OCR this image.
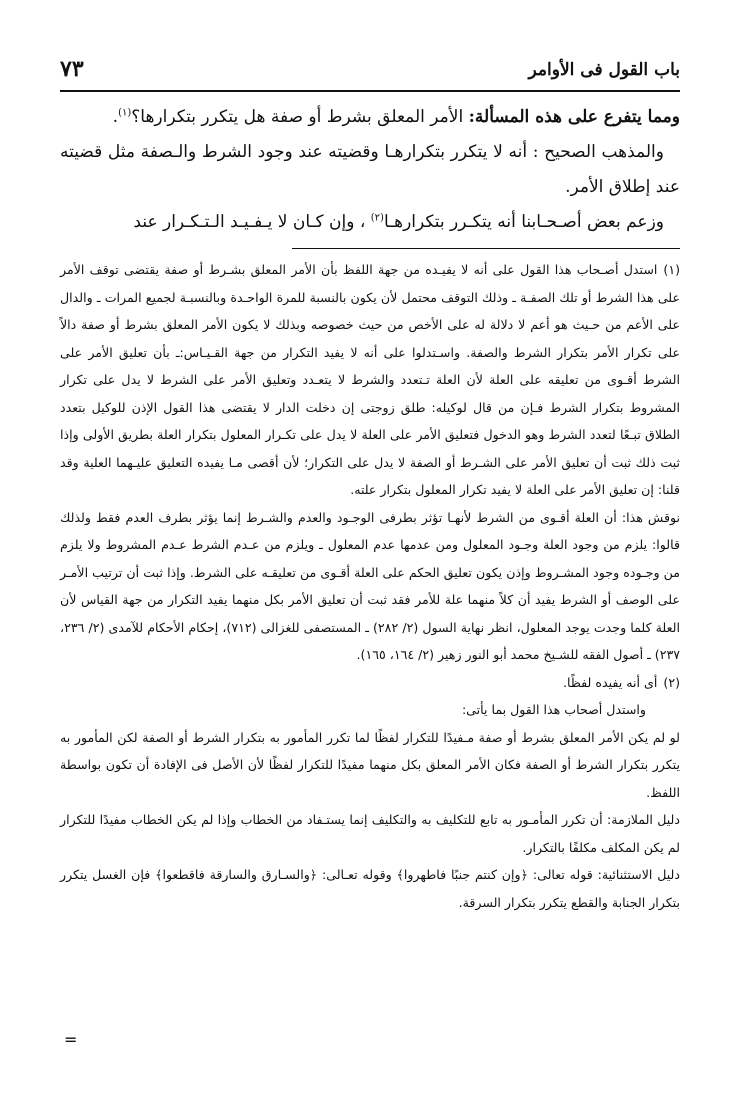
باب القول فى الأوامر
٧٣

ومما يتفرع على هذه المسألة: الأمر المعلق بشرط أو صفة هل يتكرر بتكرارها؟$^{(١)}$.

والمذهب الصحيح : أنه لا يتكرر بتكرارهـا وقضيته عند وجود الشرط والـصفة مثل قضيته عند إطلاق الأمر.

وزعم بعض أصـحـابنا أنه يتكـرر بتكرارهـا$^{(٢)}$ ، وإن كـان لا يـفـيـد الـتـكـرار عند

(١)استدل أصـحاب هذا القول على أنه لا يفيـده من جهة اللفظ بأن الأمر المعلق بشـرط أو صفة يقتضى توقف الأمر على هذا الشرط أو تلك الصفـة ـ وذلك التوقف محتمل لأن يكون بالنسبة للمرة الواحـدة وبالنسبـة لجميع المرات ـ والدال على الأعم من حـيث هو أعم لا دلالة له على الأخص من حيث خصوصه وبذلك لا يكون الأمر المعلق بشرط أو صفة دالاً على تكرار الأمر بتكرار الشرط والصفة. واسـتدلوا على أنه لا يفيد التكرار من جهة القـيـاس:ـ بأن تعليق الأمر على الشرط أقـوى من تعليقه على العلة لأن العلة تـتعدد والشرط لا يتعـدد وتعليق الأمر على الشرط لا يدل على تكرار المشروط بتكرار الشرط فـإن من قال لوكيله: طلق زوجتى إن دخلت الدار لا يقتضى هذا القول الإذن للوكيل بتعدد الطلاق تبـعًا لتعدد الشرط وهو الدخول فتعليق الأمر على العلة لا يدل على تكـرار المعلول بتكرار العلة بطريق الأولى وإذا ثبت ذلك ثبت أن تعليق الأمر على الشـرط أو الصفة لا يدل على التكرار؛ لأن أقصى مـا يفيده التعليق عليـهما العلية وقد قلنا: إن تعليق الأمر على العلة لا يفيد تكرار المعلول بتكرار علته.

نوقش هذا: أن العلة أقـوى من الشرط لأنهـا تؤثر بطرفى الوجـود والعدم والشـرط إنما يؤثر بطرف العدم فقط ولذلك قالوا: يلزم من وجود العلة وجـود المعلول ومن عدمها عدم المعلول ـ ويلزم من عـدم الشرط عـدم المشروط ولا يلزم من وجـوده وجود المشـروط وإذن يكون تعليق الحكم على العلة أقـوى من تعليقـه على الشرط. وإذا ثبت أن ترتيب الأمـر على الوصف أو الشرط يفيد أن كلاً منهما علة للأمر فقد ثبت أن تعليق الأمر بكل منهما يفيد التكرار من جهة القياس لأن العلة كلما وجدت يوجد المعلول، انظر نهاية السول (٢/ ٢٨٢) ـ المستصفى للغزالى (٧١٢)، إحكام الأحكام للآمدى (٢/ ٢٣٦، ٢٣٧) ـ أصول الفقه للشـيخ محمد أبو النور زهير (٢/ ١٦٤، ١٦٥).

(٢)أى أنه يفيده لفظًا.

واستدل أصحاب هذا القول بما يأتى:

لو لم يكن الأمر المعلق بشرط أو صفة مـفيدًا للتكرار لفظًا لما تكرر المأمور به بتكرار الشرط أو الصفة لكن المأمور به يتكرر بتكرار الشرط أو الصفة فكان الأمر المعلق بكل منهما مفيدًا للتكرار لفظًا لأن الأصل فى الإفادة أن تكون بواسطة اللفظ.

دليل الملازمة: أن تكرر المأمـور به تابع للتكليف به والتكليف إنما يستـفاد من الخطاب وإذا لم يكن الخطاب مفيدًا للتكرار لم يكن المكلف مكلفًا بالتكرار.

دليل الاستثنائية: قوله تعالى: ﴿وإن كنتم جنبًا فاطهروا﴾ وقوله تعـالى: ﴿والسـارق والسارقة فاقطعوا﴾ فإن الغسل يتكرر بتكرار الجنابة والقطع يتكرر بتكرار السرقة.

=
